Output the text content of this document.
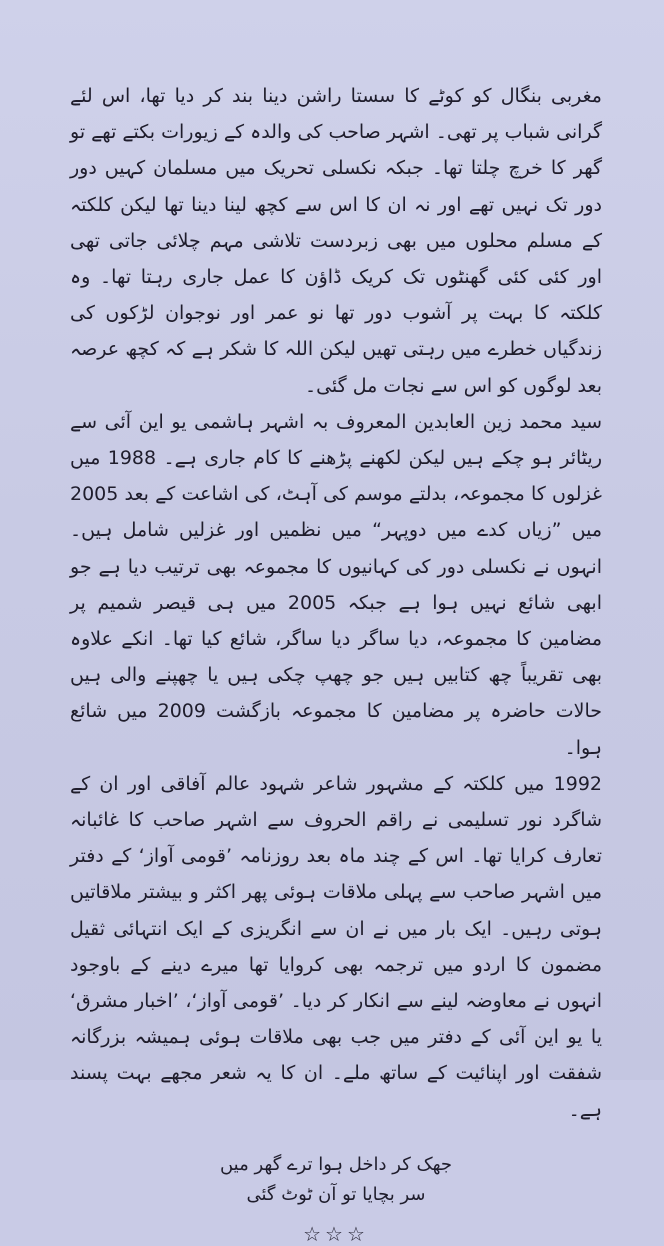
مغربی بنگال کو کوٹے کا سستا راشن دینا بند کر دیا تھا، اس لئے گرانی شباب پر تھی۔ اشہر صاحب کی والدہ کے زیورات بکتے تھے تو گھر کا خرچ چلتا تھا۔ جبکہ نکسلی تحریک میں مسلمان کہیں دور دور تک نہیں تھے اور نہ ان کا اس سے کچھ لینا دینا تھا لیکن کلکتہ کے مسلم محلوں میں بھی زبردست تلاشی مہم چلائی جاتی تھی اور کئی کئی گھنٹوں تک کریک ڈاؤن کا عمل جاری رہتا تھا۔ وہ کلکتہ کا بہت پر آشوب دور تھا نو عمر اور نوجوان لڑکوں کی زندگیاں خطرے میں رہتی تھیں لیکن اللہ کا شکر ہے کہ کچھ عرصہ بعد لوگوں کو اس سے نجات مل گئی۔

سید محمد زین العابدین المعروف بہ اشہر ہاشمی یو این آئی سے ریٹائر ہو چکے ہیں لیکن لکھنے پڑھنے کا کام جاری ہے۔ 1988 میں غزلوں کا مجموعہ، بدلتے موسم کی آہٹ، کی اشاعت کے بعد 2005 میں ”زیاں کدے میں دوپہر“ میں نظمیں اور غزلیں شامل ہیں۔ انہوں نے نکسلی دور کی کہانیوں کا مجموعہ بھی ترتیب دیا ہے جو ابھی شائع نہیں ہوا ہے جبکہ 2005 میں ہی قیصر شمیم پر مضامین کا مجموعہ، دیا ساگر دیا ساگر، شائع کیا تھا۔ انکے علاوہ بھی تقریباً چھ کتابیں ہیں جو چھپ چکی ہیں یا چھپنے والی ہیں حالات حاضرہ پر مضامین کا مجموعہ بازگشت 2009 میں شائع ہوا۔

1992 میں کلکتہ کے مشہور شاعر شہود عالم آفاقی اور ان کے شاگرد نور تسلیمی نے راقم الحروف سے اشہر صاحب کا غائبانہ تعارف کرایا تھا۔ اس کے چند ماہ بعد روزنامہ ’قومی آواز‘ کے دفتر میں اشہر صاحب سے پہلی ملاقات ہوئی پھر اکثر و بیشتر ملاقاتیں ہوتی رہیں۔ ایک بار میں نے ان سے انگریزی کے ایک انتہائی ثقیل مضمون کا اردو میں ترجمہ بھی کروایا تھا میرے دینے کے باوجود انہوں نے معاوضہ لینے سے انکار کر دیا۔ ’قومی آواز‘، ’اخبار مشرق‘ یا یو این آئی کے دفتر میں جب بھی ملاقات ہوئی ہمیشہ بزرگانہ شفقت اور اپنائیت کے ساتھ ملے۔ ان کا یہ شعر مجھے بہت پسند ہے۔

جھک کر داخل ہوا ترے گھر میں
سر بچایا تو آن ٹوٹ گئی
☆☆☆
